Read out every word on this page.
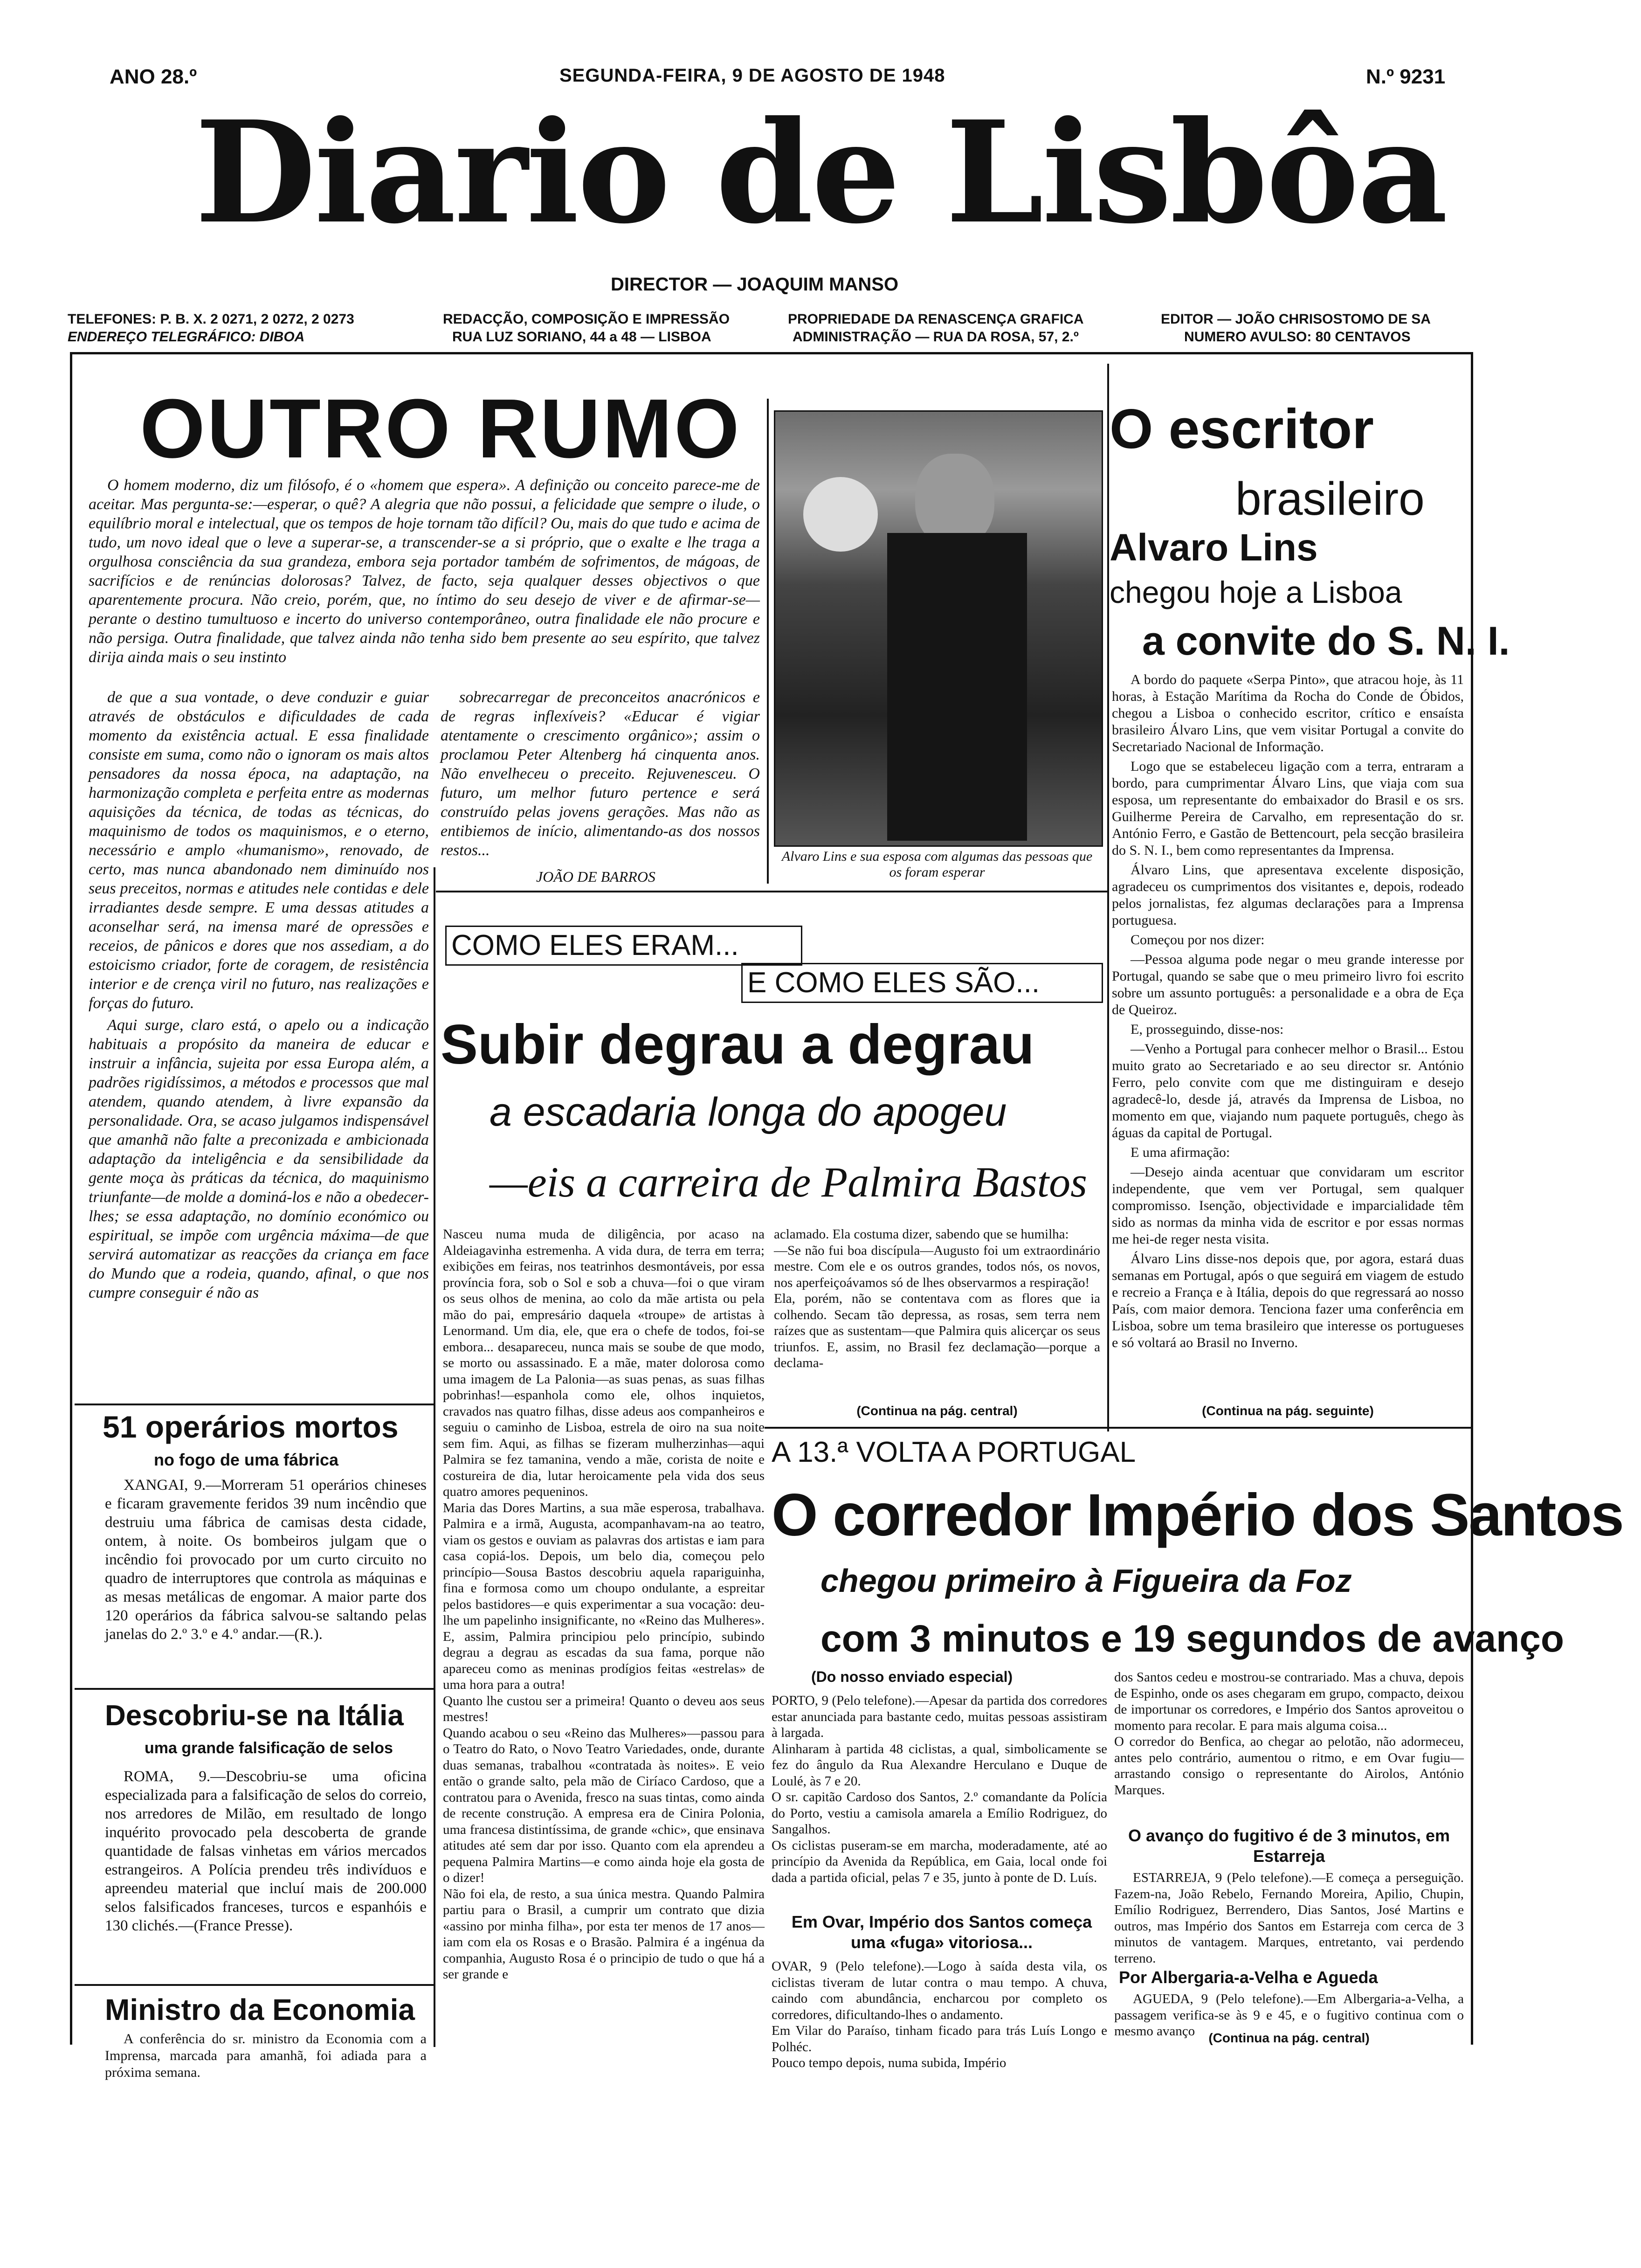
ANO 28.º	SEGUNDA-FEIRA, 9 DE AGOSTO DE 1948	N.º 9231
Diario de Lisbôa
DIRECTOR — JOAQUIM MANSO
TELEFONES: P. B. X. 2 0271, 2 0272, 2 0273
ENDEREÇO TELEGRÁFICO: DIBOA
REDACÇÃO, COMPOSIÇÃO E IMPRESSÃO
RUA LUZ SORIANO, 44 a 48 — LISBOA
PROPRIEDADE DA RENASCENÇA GRAFICA
ADMINISTRAÇÃO — RUA DA ROSA, 57, 2.º
EDITOR — JOÃO CHRISOSTOMO DE SA
NUMERO AVULSO: 80 CENTAVOS
OUTRO RUMO

O homem moderno, diz um filósofo, é o «homem que espera». A definição ou conceito parece-me de aceitar. Mas pergunta-se:—esperar, o quê? A alegria que não possui, a felicidade que sempre o ilude, o equilíbrio moral e intelectual, que os tempos de hoje tornam tão difícil? Ou, mais do que tudo e acima de tudo, um novo ideal que o leve a superar-se, a transcender-se a si próprio, que o exalte e lhe traga a orgulhosa consciência da sua grandeza, embora seja portador também de sofrimentos, de mágoas, de sacrifícios e de renúncias dolorosas? Talvez, de facto, seja qualquer desses objectivos o que aparentemente procura. Não creio, porém, que, no íntimo do seu desejo de viver e de afirmar-se—perante o destino tumultuoso e incerto do universo contemporâneo, outra finalidade ele não procure e não persiga. Outra finalidade, que talvez ainda não tenha sido bem presente ao seu espírito, que talvez dirija ainda mais o seu instinto

de que a sua vontade, o deve conduzir e guiar através de obstáculos e dificuldades de cada momento da existência actual. E essa finalidade consiste em suma, como não o ignoram os mais altos pensadores da nossa época, na adaptação, na harmonização completa e perfeita entre as modernas aquisições da técnica, de todas as técnicas, do maquinismo de todos os maquinismos, e o eterno, necessário e amplo «humanismo», renovado, de certo, mas nunca abandonado nem diminuído nos seus preceitos, normas e atitudes nele contidas e dele irradiantes desde sempre. E uma dessas atitudes a aconselhar será, na imensa maré de opressões e receios, de pânicos e dores que nos assediam, a do estoicismo criador, forte de coragem, de resistência interior e de crença viril no futuro, nas realizações e forças do futuro.

Aqui surge, claro está, o apelo ou a indicação habituais a propósito da maneira de educar e instruir a infância, sujeita por essa Europa além, a padrões rigidíssimos, a métodos e processos que mal atendem, quando atendem, à livre expansão da personalidade. Ora, se acaso julgamos indispensável que amanhã não falte a preconizada e ambicionada adaptação da inteligência e da sensibilidade da gente moça às práticas da técnica, do maquinismo triunfante—de molde a dominá-los e não a obedecer-lhes; se essa adaptação, no domínio económico ou espiritual, se impõe com urgência máxima—de que servirá automatizar as reacções da criança em face do Mundo que a rodeia, quando, afinal, o que nos cumpre conseguir é não as

sobrecarregar de preconceitos anacrónicos e de regras inflexíveis? «Educar é vigiar atentamente o crescimento orgânico»; assim o proclamou Peter Altenberg há cinquenta anos. Não envelheceu o preceito. Rejuvenesceu. O futuro, um melhor futuro pertence e será construído pelas jovens gerações. Mas não as entibiemos de início, alimentando-as dos nossos restos...

JOÃO DE BARROS
Alvaro Lins e sua esposa com algumas das pessoas que os foram esperar
O escritor
brasileiro
Alvaro Lins
chegou hoje a Lisboa
a convite do S. N. I.

A bordo do paquete «Serpa Pinto», que atracou hoje, às 11 horas, à Estação Marítima da Rocha do Conde de Óbidos, chegou a Lisboa o conhecido escritor, crítico e ensaísta brasileiro Álvaro Lins, que vem visitar Portugal a convite do Secretariado Nacional de Informação.

Logo que se estabeleceu ligação com a terra, entraram a bordo, para cumprimentar Álvaro Lins, que viaja com sua esposa, um representante do embaixador do Brasil e os srs. Guilherme Pereira de Carvalho, em representação do sr. António Ferro, e Gastão de Bettencourt, pela secção brasileira do S. N. I., bem como representantes da Imprensa.

Álvaro Lins, que apresentava excelente disposição, agradeceu os cumprimentos dos visitantes e, depois, rodeado pelos jornalistas, fez algumas declarações para a Imprensa portuguesa.

Começou por nos dizer:

—Pessoa alguma pode negar o meu grande interesse por Portugal, quando se sabe que o meu primeiro livro foi escrito sobre um assunto português: a personalidade e a obra de Eça de Queiroz.

E, prosseguindo, disse-nos:

—Venho a Portugal para conhecer melhor o Brasil... Estou muito grato ao Secretariado e ao seu director sr. António Ferro, pelo convite com que me distinguiram e desejo agradecê-lo, desde já, através da Imprensa de Lisboa, no momento em que, viajando num paquete português, chego às águas da capital de Portugal.

E uma afirmação:

—Desejo ainda acentuar que convidaram um escritor independente, que vem ver Portugal, sem qualquer compromisso. Isenção, objectividade e imparcialidade têm sido as normas da minha vida de escritor e por essas normas me hei-de reger nesta visita.

Álvaro Lins disse-nos depois que, por agora, estará duas semanas em Portugal, após o que seguirá em viagem de estudo e recreio a França e à Itália, depois do que regressará ao nosso País, com maior demora. Tenciona fazer uma conferência em Lisboa, sobre um tema brasileiro que interesse os portugueses e só voltará ao Brasil no Inverno.

(Continua na pág. seguinte)
COMO ELES ERAM...
E COMO ELES SÃO...
Subir degrau a degrau
a escadaria longa do apogeu
—eis a carreira de Palmira Bastos
Nasceu numa muda de diligência, por acaso na Aldeiagavinha estremenha. A vida dura, de terra em terra; exibições em feiras, nos teatrinhos desmontáveis, por essa província fora, sob o Sol e sob a chuva—foi o que viram os seus olhos de menina, ao colo da mãe artista ou pela mão do pai, empresário daquela «troupe» de artistas à Lenormand. Um dia, ele, que era o chefe de todos, foi-se embora... desapareceu, nunca mais se soube de que modo, se morto ou assassinado. E a mãe, mater dolorosa como uma imagem de La Palonia—as suas penas, as suas filhas pobrinhas!—espanhola como ele, olhos inquietos, cravados nas quatro filhas, disse adeus aos companheiros e seguiu o caminho de Lisboa, estrela de oiro na sua noite sem fim. Aqui, as filhas se fizeram mulherzinhas—aqui Palmira se fez tamanina, vendo a mãe, corista de noite e costureira de dia, lutar heroicamente pela vida dos seus quatro amores pequeninos.
Maria das Dores Martins, a sua mãe esperosa, trabalhava. Palmira e a irmã, Augusta, acompanhavam-na ao teatro, viam os gestos e ouviam as palavras dos artistas e iam para casa copiá-los. Depois, um belo dia, começou pelo princípio—Sousa Bastos descobriu aquela rapariguinha, fina e formosa como um choupo ondulante, a espreitar pelos bastidores—e quis experimentar a sua vocação: deu-lhe um papelinho insignificante, no «Reino das Mulheres». E, assim, Palmira principiou pelo princípio, subindo degrau a degrau as escadas da sua fama, porque não apareceu como as meninas prodígios feitas «estrelas» de uma hora para a outra!
Quanto lhe custou ser a primeira! Quanto o deveu aos seus mestres!
Quando acabou o seu «Reino das Mulheres»—passou para o Teatro do Rato, o Novo Teatro Variedades, onde, durante duas semanas, trabalhou «contratada às noites». E veio então o grande salto, pela mão de Ciríaco Cardoso, que a contratou para o Avenida, fresco na suas tintas, como ainda de recente construção. A empresa era de Cinira Polonia, uma francesa distintíssima, de grande «chic», que ensinava atitudes até sem dar por isso. Quanto com ela aprendeu a pequena Palmira Martins—e como ainda hoje ela gosta de o dizer!
Não foi ela, de resto, a sua única mestra. Quando Palmira partiu para o Brasil, a cumprir um contrato que dizia «assino por minha filha», por esta ter menos de 17 anos—iam com ela os Rosas e o Brasão. Palmira é a ingénua da companhia, Augusto Rosa é o principio de tudo o que há a ser grande e
aclamado. Ela costuma dizer, sabendo que se humilha:
—Se não fui boa discípula—Augusto foi um extraordinário mestre. Com ele e os outros grandes, todos nós, os novos, nos aperfeiçoávamos só de lhes observarmos a respiração!
Ela, porém, não se contentava com as flores que ia colhendo. Secam tão depressa, as rosas, sem terra nem raízes que as sustentam—que Palmira quis alicerçar os seus triunfos. E, assim, no Brasil fez declamação—porque a declama-
(Continua na pág. central)
51 operários mortos
no fogo de uma fábrica

XANGAI, 9.—Morreram 51 operários chineses e ficaram gravemente feridos 39 num incêndio que destruiu uma fábrica de camisas desta cidade, ontem, à noite. Os bombeiros julgam que o incêndio foi provocado por um curto circuito no quadro de interruptores que controla as máquinas e as mesas metálicas de engomar. A maior parte dos 120 operários da fábrica salvou-se saltando pelas janelas do 2.º 3.º e 4.º andar.—(R.).

Descobriu-se na Itália
uma grande falsificação de selos

ROMA, 9.—Descobriu-se uma oficina especializada para a falsificação de selos do correio, nos arredores de Milão, em resultado de longo inquérito provocado pela descoberta de grande quantidade de falsas vinhetas em vários mercados estrangeiros. A Polícia prendeu três indivíduos e apreendeu material que incluí mais de 200.000 selos falsificados franceses, turcos e espanhóis e 130 clichés.—(France Presse).

Ministro da Economia

A conferência do sr. ministro da Economia com a Imprensa, marcada para amanhã, foi adiada para a próxima semana.

A 13.ª VOLTA A PORTUGAL
O corredor Império dos Santos
chegou primeiro à Figueira da Foz
com 3 minutos e 19 segundos de avanço
(Do nosso enviado especial)
PORTO, 9 (Pelo telefone).—Apesar da partida dos corredores estar anunciada para bastante cedo, muitas pessoas assistiram à largada.
Alinharam à partida 48 ciclistas, a qual, simbolicamente se fez do ângulo da Rua Alexandre Herculano e Duque de Loulé, às 7 e 20.
O sr. capitão Cardoso dos Santos, 2.º comandante da Polícia do Porto, vestiu a camisola amarela a Emílio Rodriguez, do Sangalhos.
Os ciclistas puseram-se em marcha, moderadamente, até ao princípio da Avenida da República, em Gaia, local onde foi dada a partida oficial, pelas 7 e 35, junto à ponte de D. Luís.
Em Ovar, Império dos Santos começa uma «fuga» vitoriosa...
OVAR, 9 (Pelo telefone).—Logo à saída desta vila, os ciclistas tiveram de lutar contra o mau tempo. A chuva, caindo com abundância, encharcou por completo os corredores, dificultando-lhes o andamento.
Em Vilar do Paraíso, tinham ficado para trás Luís Longo e Polhéc.
Pouco tempo depois, numa subida, Império
dos Santos cedeu e mostrou-se contrariado. Mas a chuva, depois de Espinho, onde os ases chegaram em grupo, compacto, deixou de importunar os corredores, e Império dos Santos aproveitou o momento para recolar. E para mais alguma coisa...
O corredor do Benfica, ao chegar ao pelotão, não adormeceu, antes pelo contrário, aumentou o ritmo, e em Ovar fugiu—arrastando consigo o representante do Airolos, António Marques.
O avanço do fugitivo é de 3 minutos, em Estarreja

ESTARREJA, 9 (Pelo telefone).—E começa a perseguição. Fazem-na, João Rebelo, Fernando Moreira, Apilio, Chupin, Emílio Rodriguez, Berrendero, Dias Santos, José Martins e outros, mas Império dos Santos em Estarreja com cerca de 3 minutos de vantagem. Marques, entretanto, vai perdendo terreno.

Por Albergaria-a-Velha e Agueda

AGUEDA, 9 (Pelo telefone).—Em Albergaria-a-Velha, a passagem verifica-se às 9 e 45, e o fugitivo continua com o mesmo avanço	(Continua na pág. central)
